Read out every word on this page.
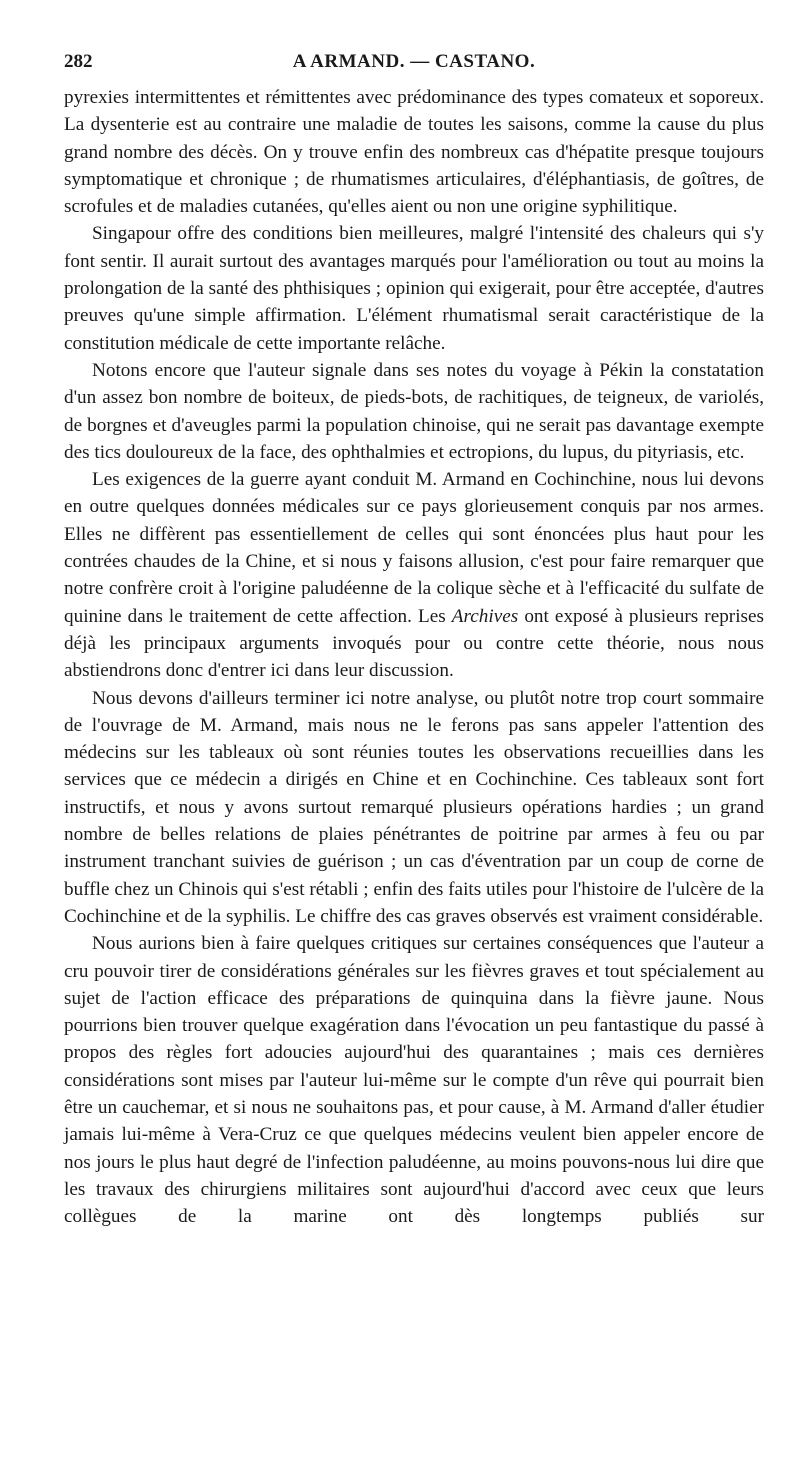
282	A ARMAND. — CASTANO.

pyrexies intermittentes et rémittentes avec prédominance des types comateux et soporeux. La dysenterie est au contraire une maladie de toutes les saisons, comme la cause du plus grand nombre des décès. On y trouve enfin des nombreux cas d'hépatite presque toujours symptomatique et chronique ; de rhumatismes articulaires, d'éléphantiasis, de goîtres, de scrofules et de maladies cutanées, qu'elles aient ou non une origine syphilitique.

Singapour offre des conditions bien meilleures, malgré l'intensité des chaleurs qui s'y font sentir. Il aurait surtout des avantages marqués pour l'amélioration ou tout au moins la prolongation de la santé des phthisiques ; opinion qui exigerait, pour être acceptée, d'autres preuves qu'une simple affirmation. L'élément rhumatismal serait caractéristique de la constitution médicale de cette importante relâche.

Notons encore que l'auteur signale dans ses notes du voyage à Pékin la constatation d'un assez bon nombre de boiteux, de pieds-bots, de rachitiques, de teigneux, de variolés, de borgnes et d'aveugles parmi la population chinoise, qui ne serait pas davantage exempte des tics douloureux de la face, des ophthalmies et ectropions, du lupus, du pityriasis, etc.

Les exigences de la guerre ayant conduit M. Armand en Cochinchine, nous lui devons en outre quelques données médicales sur ce pays glorieusement conquis par nos armes. Elles ne diffèrent pas essentiellement de celles qui sont énoncées plus haut pour les contrées chaudes de la Chine, et si nous y faisons allusion, c'est pour faire remarquer que notre confrère croit à l'origine paludéenne de la colique sèche et à l'efficacité du sulfate de quinine dans le traitement de cette affection. Les Archives ont exposé à plusieurs reprises déjà les principaux arguments invoqués pour ou contre cette théorie, nous nous abstiendrons donc d'entrer ici dans leur discussion.

Nous devons d'ailleurs terminer ici notre analyse, ou plutôt notre trop court sommaire de l'ouvrage de M. Armand, mais nous ne le ferons pas sans appeler l'attention des médecins sur les tableaux où sont réunies toutes les observations recueillies dans les services que ce médecin a dirigés en Chine et en Cochinchine. Ces tableaux sont fort instructifs, et nous y avons surtout remarqué plusieurs opérations hardies ; un grand nombre de belles relations de plaies pénétrantes de poitrine par armes à feu ou par instrument tranchant suivies de guérison ; un cas d'éventration par un coup de corne de buffle chez un Chinois qui s'est rétabli ; enfin des faits utiles pour l'histoire de l'ulcère de la Cochinchine et de la syphilis. Le chiffre des cas graves observés est vraiment considérable.

Nous aurions bien à faire quelques critiques sur certaines conséquences que l'auteur a cru pouvoir tirer de considérations générales sur les fièvres graves et tout spécialement au sujet de l'action efficace des préparations de quinquina dans la fièvre jaune. Nous pourrions bien trouver quelque exagération dans l'évocation un peu fantastique du passé à propos des règles fort adoucies aujourd'hui des quarantaines ; mais ces dernières considérations sont mises par l'auteur lui-même sur le compte d'un rêve qui pourrait bien être un cauchemar, et si nous ne souhaitons pas, et pour cause, à M. Armand d'aller étudier jamais lui-même à Vera-Cruz ce que quelques médecins veulent bien appeler encore de nos jours le plus haut degré de l'infection paludéenne, au moins pouvons-nous lui dire que les travaux des chirurgiens militaires sont aujourd'hui d'accord avec ceux que leurs collègues de la marine ont dès longtemps publiés sur
